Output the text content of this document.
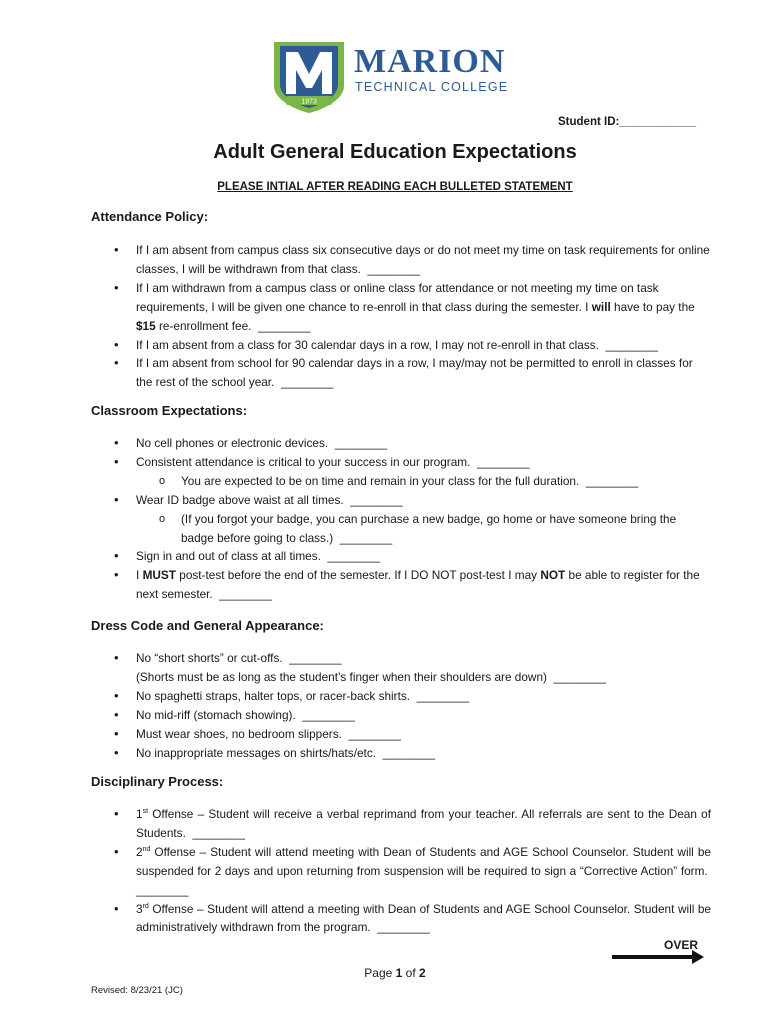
1973
MARION
TECHNICAL COLLEGE
Student ID:____________
Adult General Education Expectations
PLEASE INTIAL AFTER READING EACH BULLETED STATEMENT
Attendance Policy:
• If I am absent from campus class six consecutive days or do not meet my time on task requirements for online classes, I will be withdrawn from that class. ________
• If I am withdrawn from a campus class or online class for attendance or not meeting my time on task requirements, I will be given one chance to re-enroll in that class during the semester. I will have to pay the $15 re-enrollment fee. ________
• If I am absent from a class for 30 calendar days in a row, I may not re-enroll in that class. ________
• If I am absent from school for 90 calendar days in a row, I may/may not be permitted to enroll in classes for the rest of the school year. ________
Classroom Expectations:
• No cell phones or electronic devices. ________
• Consistent attendance is critical to your success in our program. ________
o You are expected to be on time and remain in your class for the full duration. ________
• Wear ID badge above waist at all times. ________
o (If you forgot your badge, you can purchase a new badge, go home or have someone bring the badge before going to class.) ________
• Sign in and out of class at all times. ________
• I MUST post-test before the end of the semester. If I DO NOT post-test I may NOT be able to register for the next semester. ________
Dress Code and General Appearance:
• No “short shorts” or cut-offs. ________
(Shorts must be as long as the student’s finger when their shoulders are down) ________
• No spaghetti straps, halter tops, or racer-back shirts. ________
• No mid-riff (stomach showing). ________
• Must wear shoes, no bedroom slippers. ________
• No inappropriate messages on shirts/hats/etc. ________
Disciplinary Process:
• 1st Offense – Student will receive a verbal reprimand from your teacher. All referrals are sent to the Dean of Students. ________
• 2nd Offense – Student will attend meeting with Dean of Students and AGE School Counselor. Student will be suspended for 2 days and upon returning from suspension will be required to sign a “Corrective Action” form.  ________
• 3rd Offense – Student will attend a meeting with Dean of Students and AGE School Counselor. Student will be administratively withdrawn from the program. ________
OVER
Page 1 of 2
Revised: 8/23/21 (JC)
